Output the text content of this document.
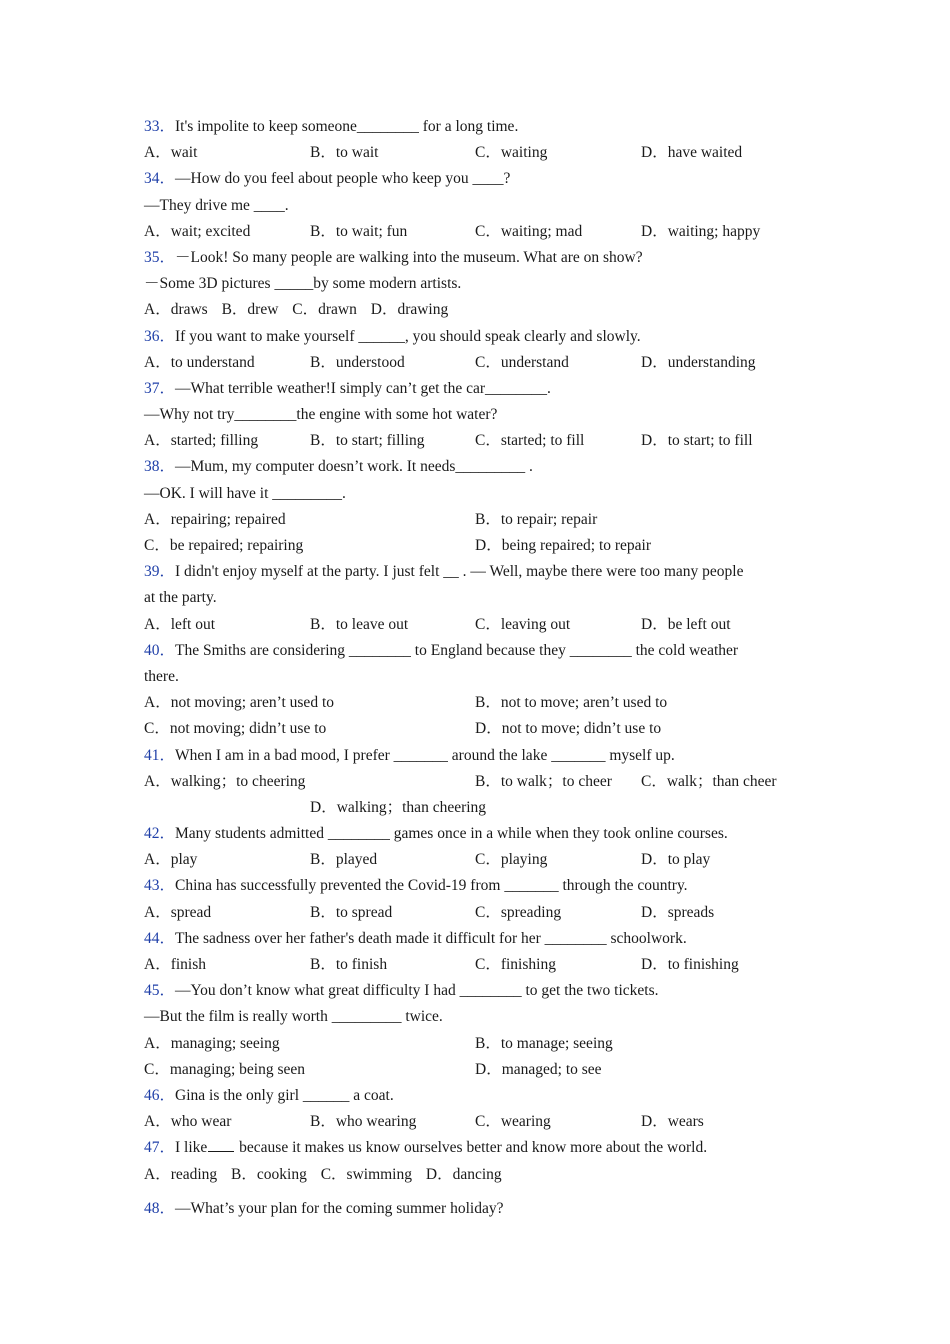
33．It's impolite to keep someone________ for a long time.
A．wait	B．to wait	C．waiting	D．have waited
34．—How do you feel about people who keep you ____?
—They drive me ____.
A．wait; excited	B．to wait; fun	C．waiting; mad	D．waiting; happy
35．－Look! So many people are walking into the museum. What are on show?
－Some 3D pictures _____by some modern artists.
A．draws B．drew C．drawn D．drawing
36．If you want to make yourself ______, you should speak clearly and slowly.
A．to understand	B．understood	C．understand	D．understanding
37．—What terrible weather!I simply can’t get the car________.
—Why not try________the engine with some hot water?
A．started; filling	B．to start; filling	C．started; to fill	D．to start; to fill
38．—Mum, my computer doesn’t work. It needs_________ .
—OK. I will have it _________.
A．repairing; repaired	B．to repair; repair
C．be repaired; repairing	D．being repaired; to repair
39．I didn't enjoy myself at the party. I just felt __ . — Well, maybe there were too many people
at the party.
A．left out	B．to leave out	C．leaving out	D．be left out
40．The Smiths are considering ________ to England because they ________ the cold weather
there.
A．not moving; aren’t used to	B．not to move; aren’t used to
C．not moving; didn’t use to	D．not to move; didn’t use to
41．When I am in a bad mood, I prefer _______ around the lake _______ myself up.
A．walking；to cheering	B．to walk；to cheer C．walk；than cheer
D．walking；than cheering
42．Many students admitted ________ games once in a while when they took online courses.
A．play	B．played	C．playing	D．to play
43．China has successfully prevented the Covid-19 from _______ through the country.
A．spread	B．to spread	C．spreading	D．spreads
44．The sadness over her father's death made it difficult for her ________ schoolwork.
A．finish	B．to finish	C．finishing	D．to finishing
45．—You don’t know what great difficulty I had ________ to get the two tickets.
—But the film is really worth _________ twice.
A．managing; seeing	B．to manage; seeing
C．managing; being seen	D．managed; to see
46．Gina is the only girl ______ a coat.
A．who wear	B．who wearing	C．wearing	D．wears
47．I like because it makes us know ourselves better and know more about the world.
A．reading B．cooking C．swimming D．dancing
48．—What’s your plan for the coming summer holiday?
